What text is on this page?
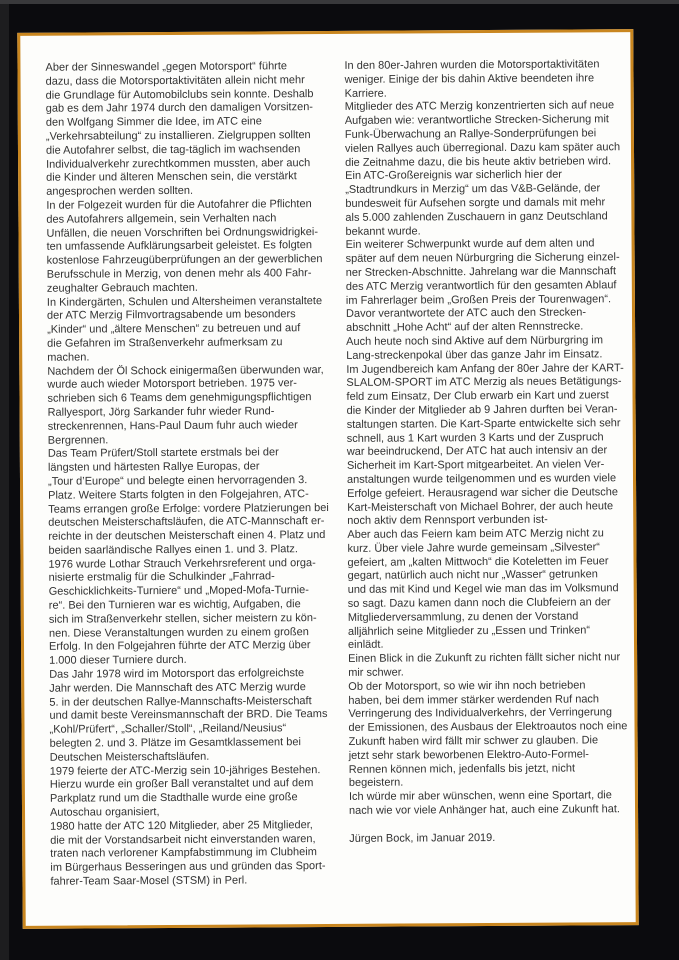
Aber der Sinneswandel „gegen Motorsport“ führte
dazu, dass die Motorsportaktivitäten allein nicht mehr
die Grundlage für Automobilclubs sein konnte. Deshalb
gab es dem Jahr 1974 durch den damaligen Vorsitzen-
den Wolfgang Simmer die Idee, im ATC eine
„Verkehrsabteilung“ zu installieren. Zielgruppen sollten
die Autofahrer selbst, die tag-täglich im wachsenden
Individualverkehr zurechtkommen mussten, aber auch
die Kinder und älteren Menschen sein, die verstärkt
angesprochen werden sollten.
In der Folgezeit wurden für die Autofahrer die Pflichten
des Autofahrers allgemein, sein Verhalten nach
Unfällen, die neuen Vorschriften bei Ordnungswidrigkei-
ten umfassende Aufklärungsarbeit geleistet. Es folgten
kostenlose Fahrzeugüberprüfungen an der gewerblichen
Berufsschule in Merzig, von denen mehr als 400 Fahr-
zeughalter Gebrauch machten.
In Kindergärten, Schulen und Altersheimen veranstaltete
der ATC Merzig Filmvortragsabende um besonders
„Kinder“ und „ältere Menschen“ zu betreuen und auf
die Gefahren im Straßenverkehr aufmerksam zu
machen.
Nachdem der Öl Schock einigermaßen überwunden war,
wurde auch wieder Motorsport betrieben. 1975 ver-
schrieben sich 6 Teams dem genehmigungspflichtigen
Rallyesport, Jörg Sarkander fuhr wieder Rund-
streckenrennen, Hans-Paul Daum fuhr auch wieder
Bergrennen.
Das Team Prüfert/Stoll startete erstmals bei der
längsten und härtesten Rallye Europas, der
„Tour d’Europe“ und belegte einen hervorragenden 3.
Platz. Weitere Starts folgten in den Folgejahren, ATC-
Teams errangen große Erfolge: vordere Platzierungen bei
deutschen Meisterschaftsläufen, die ATC-Mannschaft er-
reichte in der deutschen Meisterschaft einen 4. Platz und
beiden saarländische Rallyes einen 1. und 3. Platz.
1976 wurde Lothar Strauch Verkehrsreferent und orga-
nisierte erstmalig für die Schulkinder „Fahrrad-
Geschicklichkeits-Turniere“ und „Moped-Mofa-Turnie-
re“. Bei den Turnieren war es wichtig, Aufgaben, die
sich im Straßenverkehr stellen, sicher meistern zu kön-
nen. Diese Veranstaltungen wurden zu einem großen
Erfolg. In den Folgejahren führte der ATC Merzig über
1.000 dieser Turniere durch.
Das Jahr 1978 wird im Motorsport das erfolgreichste
Jahr werden. Die Mannschaft des ATC Merzig wurde
5. in der deutschen Rallye-Mannschafts-Meisterschaft
und damit beste Vereinsmannschaft der BRD. Die Teams
„Kohl/Prüfert“, „Schaller/Stoll“, „Reiland/Neusius“
belegten 2. und 3. Plätze im Gesamtklassement bei
Deutschen Meisterschaftsläufen.
1979 feierte der ATC-Merzig sein 10-jähriges Bestehen.
Hierzu wurde ein großer Ball veranstaltet und auf dem
Parkplatz rund um die Stadthalle wurde eine große
Autoschau organisiert,
1980 hatte der ATC 120 Mitglieder, aber 25 Mitglieder,
die mit der Vorstandsarbeit nicht einverstanden waren,
traten nach verlorener Kampfabstimmung im Clubheim
im Bürgerhaus Besseringen aus und gründen das Sport-
fahrer-Team Saar-Mosel (STSM) in Perl.
In den 80er-Jahren wurden die Motorsportaktivitäten
weniger. Einige der bis dahin Aktive beendeten ihre
Karriere.
Mitglieder des ATC Merzig konzentrierten sich auf neue
Aufgaben wie: verantwortliche Strecken-Sicherung mit
Funk-Überwachung an Rallye-Sonderprüfungen bei
vielen Rallyes auch überregional. Dazu kam später auch
die Zeitnahme dazu, die bis heute aktiv betrieben wird.
Ein ATC-Großereignis war sicherlich hier der
„Stadtrundkurs in Merzig“ um das V&B-Gelände, der
bundesweit für Aufsehen sorgte und damals mit mehr
als 5.000 zahlenden Zuschauern in ganz Deutschland
bekannt wurde.
Ein weiterer Schwerpunkt wurde auf dem alten und
später auf dem neuen Nürburgring die Sicherung einzel-
ner Strecken-Abschnitte. Jahrelang war die Mannschaft
des ATC Merzig verantwortlich für den gesamten Ablauf
im Fahrerlager beim „Großen Preis der Tourenwagen“.
Davor verantwortete der ATC auch den Strecken-
abschnitt „Hohe Acht“ auf der alten Rennstrecke.
Auch heute noch sind Aktive auf dem Nürburgring im
Lang-streckenpokal über das ganze Jahr im Einsatz.
Im Jugendbereich kam Anfang der 80er Jahre der KART-
SLALOM-SPORT im ATC Merzig als neues Betätigungs-
feld zum Einsatz, Der Club erwarb ein Kart und zuerst
die Kinder der Mitglieder ab 9 Jahren durften bei Veran-
staltungen starten. Die Kart-Sparte entwickelte sich sehr
schnell, aus 1 Kart wurden 3 Karts und der Zuspruch
war beeindruckend, Der ATC hat auch intensiv an der
Sicherheit im Kart-Sport mitgearbeitet. An vielen Ver-
anstaltungen wurde teilgenommen und es wurden viele
Erfolge gefeiert. Herausragend war sicher die Deutsche
Kart-Meisterschaft von Michael Bohrer, der auch heute
noch aktiv dem Rennsport verbunden ist-
Aber auch das Feiern kam beim ATC Merzig nicht zu
kurz. Über viele Jahre wurde gemeinsam „Silvester“
gefeiert, am „kalten Mittwoch“ die Koteletten im Feuer
gegart, natürlich auch nicht nur „Wasser“ getrunken
und das mit Kind und Kegel wie man das im Volksmund
so sagt. Dazu kamen dann noch die Clubfeiern an der
Mitgliederversammlung, zu denen der Vorstand
alljährlich seine Mitglieder zu „Essen und Trinken“
einlädt.
Einen Blick in die Zukunft zu richten fällt sicher nicht nur
mir schwer.
Ob der Motorsport, so wie wir ihn noch betrieben
haben, bei dem immer stärker werdenden Ruf nach
Verringerung des Individualverkehrs, der Verringerung
der Emissionen, des Ausbaus der Elektroautos noch eine
Zukunft haben wird fällt mir schwer zu glauben. Die
jetzt sehr stark beworbenen Elektro-Auto-Formel-
Rennen können mich, jedenfalls bis jetzt, nicht
begeistern.
Ich würde mir aber wünschen, wenn eine Sportart, die
nach wie vor viele Anhänger hat, auch eine Zukunft hat.
Jürgen Bock, im Januar 2019.
